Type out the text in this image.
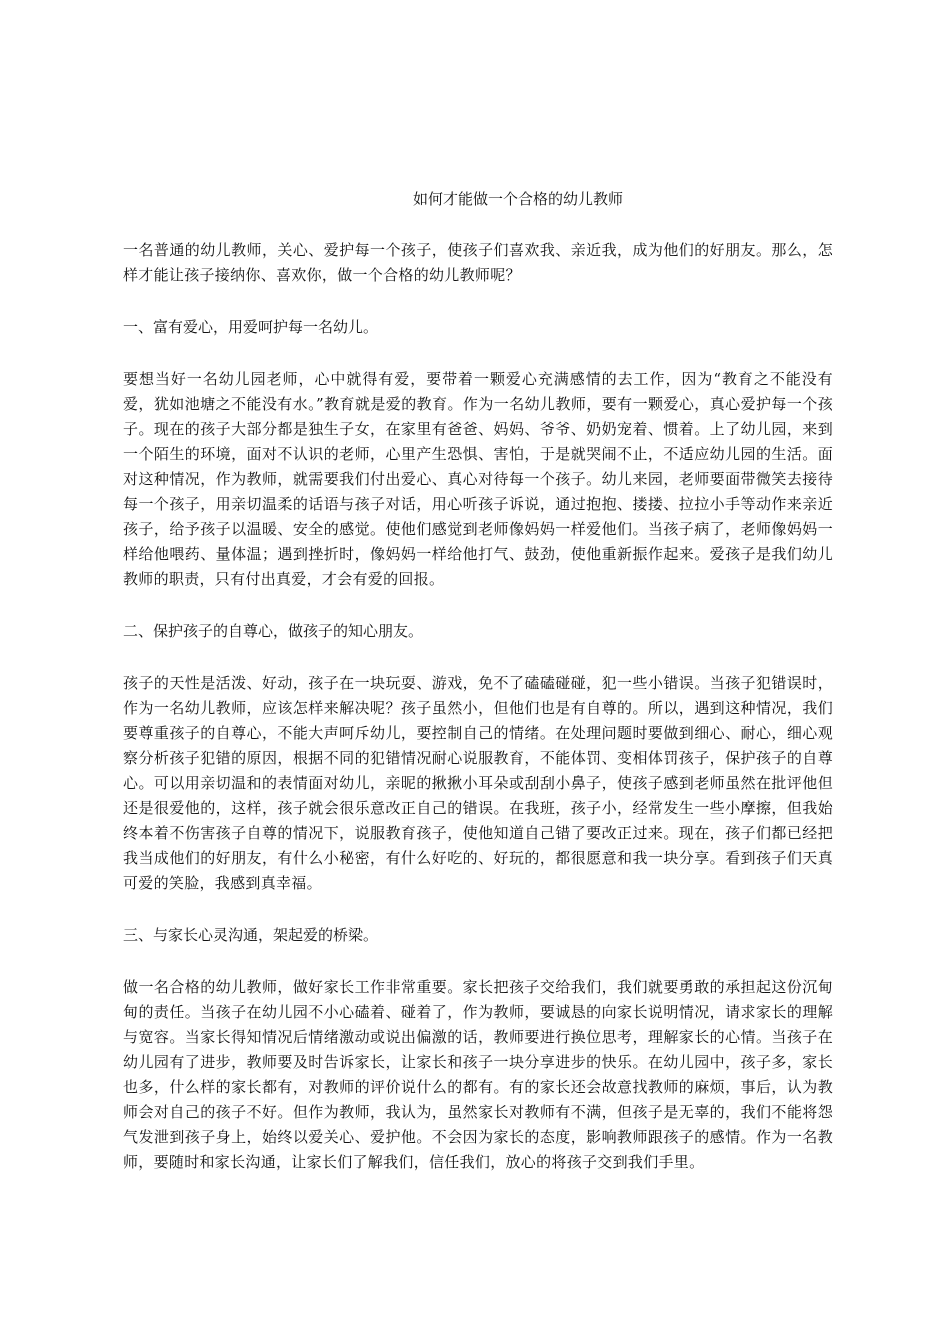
如何才能做一个合格的幼儿教师

一名普通的幼儿教师，关心、爱护每一个孩子，使孩子们喜欢我、亲近我，成为他们的好朋友。那么，怎样才能让孩子接纳你、喜欢你，做一个合格的幼儿教师呢？

一、富有爱心，用爱呵护每一名幼儿。

要想当好一名幼儿园老师，心中就得有爱，要带着一颗爱心充满感情的去工作，因为“教育之不能没有爱，犹如池塘之不能没有水。”教育就是爱的教育。作为一名幼儿教师，要有一颗爱心，真心爱护每一个孩子。现在的孩子大部分都是独生子女，在家里有爸爸、妈妈、爷爷、奶奶宠着、惯着。上了幼儿园，来到一个陌生的环境，面对不认识的老师，心里产生恐惧、害怕，于是就哭闹不止，不适应幼儿园的生活。面对这种情况，作为教师，就需要我们付出爱心、真心对待每一个孩子。幼儿来园，老师要面带微笑去接待每一个孩子，用亲切温柔的话语与孩子对话，用心听孩子诉说，通过抱抱、搂搂、拉拉小手等动作来亲近孩子，给予孩子以温暖、安全的感觉。使他们感觉到老师像妈妈一样爱他们。当孩子病了，老师像妈妈一样给他喂药、量体温；遇到挫折时，像妈妈一样给他打气、鼓劲，使他重新振作起来。爱孩子是我们幼儿教师的职责，只有付出真爱，才会有爱的回报。

二、保护孩子的自尊心，做孩子的知心朋友。

孩子的天性是活泼、好动，孩子在一块玩耍、游戏，免不了磕磕碰碰，犯一些小错误。当孩子犯错误时，作为一名幼儿教师，应该怎样来解决呢？孩子虽然小，但他们也是有自尊的。所以，遇到这种情况，我们要尊重孩子的自尊心，不能大声呵斥幼儿，要控制自己的情绪。在处理问题时要做到细心、耐心，细心观察分析孩子犯错的原因，根据不同的犯错情况耐心说服教育，不能体罚、变相体罚孩子，保护孩子的自尊心。可以用亲切温和的表情面对幼儿，亲昵的揪揪小耳朵或刮刮小鼻子，使孩子感到老师虽然在批评他但还是很爱他的，这样，孩子就会很乐意改正自己的错误。在我班，孩子小，经常发生一些小摩擦，但我始终本着不伤害孩子自尊的情况下，说服教育孩子，使他知道自己错了要改正过来。现在，孩子们都已经把我当成他们的好朋友，有什么小秘密，有什么好吃的、好玩的，都很愿意和我一块分享。看到孩子们天真可爱的笑脸，我感到真幸福。

三、与家长心灵沟通，架起爱的桥梁。

做一名合格的幼儿教师，做好家长工作非常重要。家长把孩子交给我们，我们就要勇敢的承担起这份沉甸甸的责任。当孩子在幼儿园不小心磕着、碰着了，作为教师，要诚恳的向家长说明情况，请求家长的理解与宽容。当家长得知情况后情绪激动或说出偏激的话，教师要进行换位思考，理解家长的心情。当孩子在幼儿园有了进步，教师要及时告诉家长，让家长和孩子一块分享进步的快乐。在幼儿园中，孩子多，家长也多，什么样的家长都有，对教师的评价说什么的都有。有的家长还会故意找教师的麻烦，事后，认为教师会对自己的孩子不好。但作为教师，我认为，虽然家长对教师有不满，但孩子是无辜的，我们不能将怨气发泄到孩子身上，始终以爱关心、爱护他。不会因为家长的态度，影响教师跟孩子的感情。作为一名教师，要随时和家长沟通，让家长们了解我们，信任我们，放心的将孩子交到我们手里。
